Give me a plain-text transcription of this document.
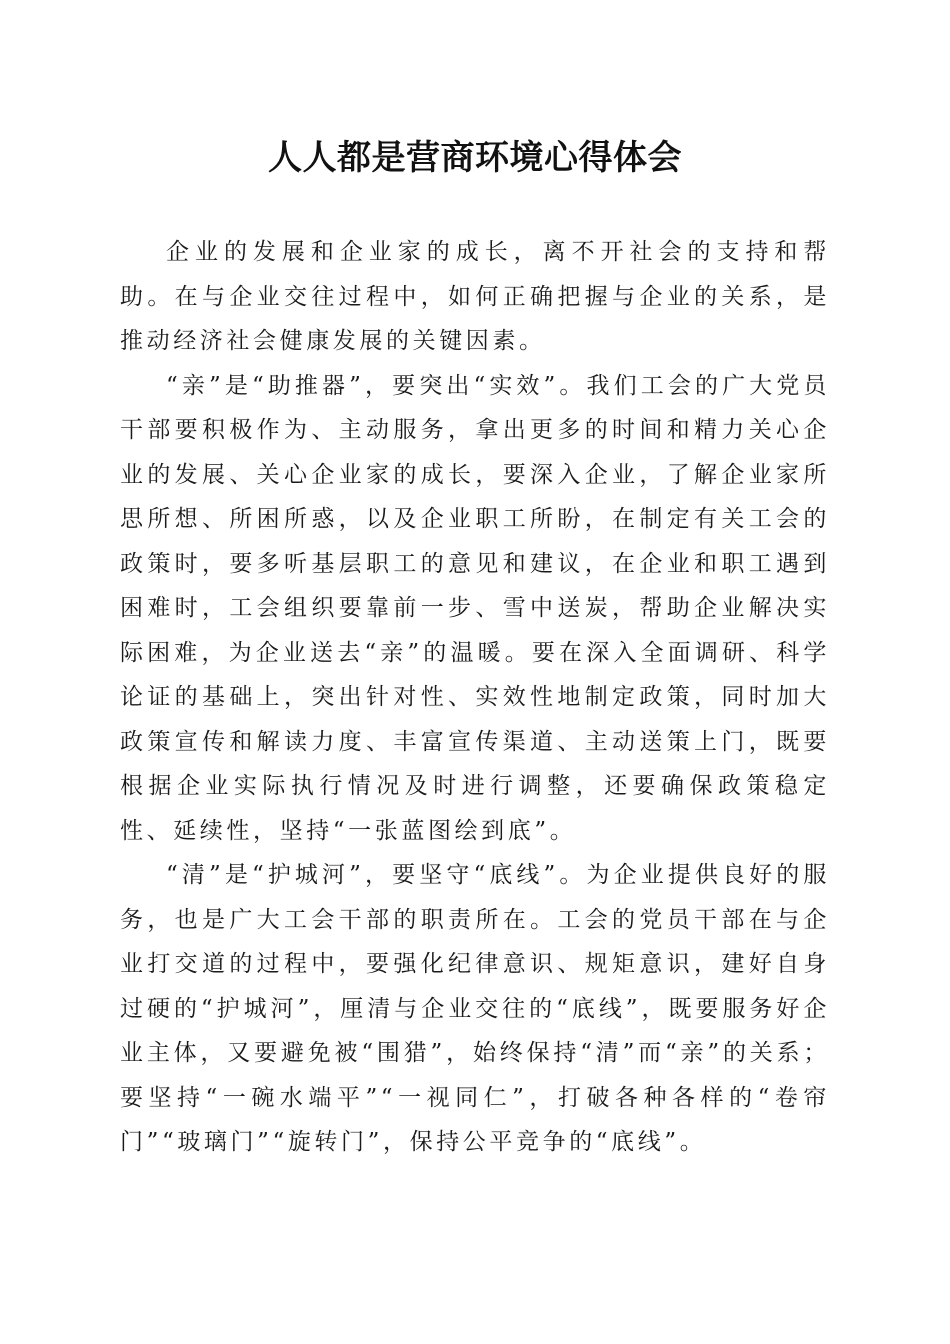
人人都是营商环境心得体会

企业的发展和企业家的成长，离不开社会的支持和帮助。在与企业交往过程中，如何正确把握与企业的关系，是推动经济社会健康发展的关键因素。

“亲”是“助推器”，要突出“实效”。我们工会的广大党员干部要积极作为、主动服务，拿出更多的时间和精力关心企业的发展、关心企业家的成长，要深入企业，了解企业家所思所想、所困所惑，以及企业职工所盼，在制定有关工会的政策时，要多听基层职工的意见和建议，在企业和职工遇到困难时，工会组织要靠前一步、雪中送炭，帮助企业解决实际困难，为企业送去“亲”的温暖。要在深入全面调研、科学论证的基础上，突出针对性、实效性地制定政策，同时加大政策宣传和解读力度、丰富宣传渠道、主动送策上门，既要根据企业实际执行情况及时进行调整，还要确保政策稳定性、延续性，坚持“一张蓝图绘到底”。

“清”是“护城河”，要坚守“底线”。为企业提供良好的服务，也是广大工会干部的职责所在。工会的党员干部在与企业打交道的过程中，要强化纪律意识、规矩意识，建好自身过硬的“护城河”，厘清与企业交往的“底线”，既要服务好企业主体，又要避免被“围猎”，始终保持“清”而“亲”的关系；要坚持“一碗水端平”“一视同仁”，打破各种各样的“卷帘门”“玻璃门”“旋转门”，保持公平竞争的“底线”。
